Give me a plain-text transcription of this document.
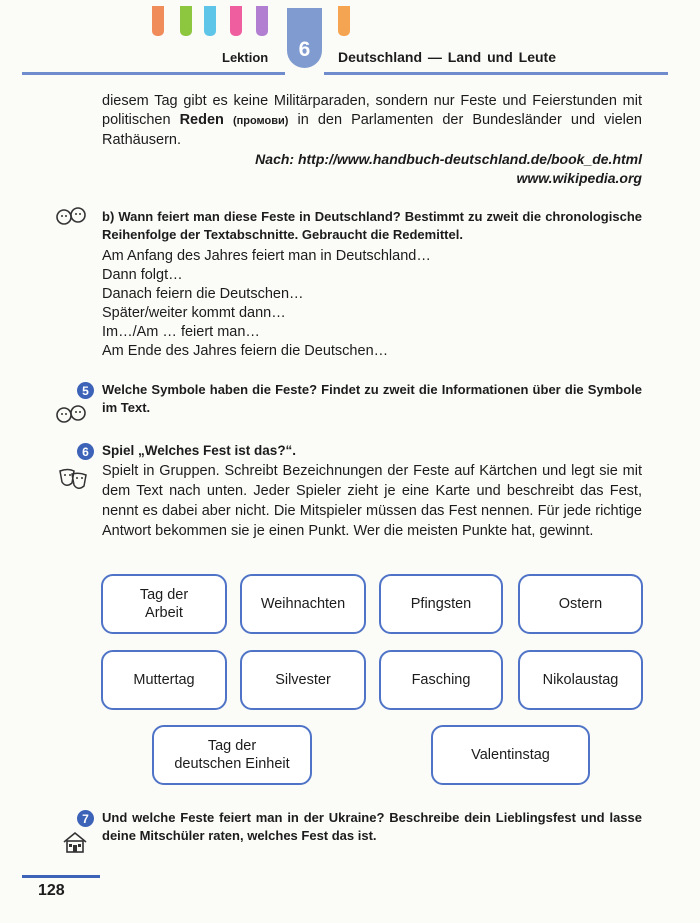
Lektion	6	Deutschland — Land und Leute
diesem Tag gibt es keine Militärparaden, sondern nur Feste und Feierstunden mit politischen Reden (промови) in den Parlamenten der Bundesländer und vielen Rathäusern.
Nach: http://www.handbuch-deutschland.de/book_de.html
www.wikipedia.org
b) Wann feiert man diese Feste in Deutschland? Bestimmt zu zweit die chronologische Reihenfolge der Textabschnitte. Gebraucht die Redemittel.
Am Anfang des Jahres feiert man in Deutschland…
Dann folgt…
Danach feiern die Deutschen…
Später/weiter kommt dann…
Im…/Am … feiert man…
Am Ende des Jahres feiern die Deutschen…
5	Welche Symbole haben die Feste? Findet zu zweit die Informationen über die Symbole im Text.
6 Spiel „Welches Fest ist das?“.
Spielt in Gruppen. Schreibt Bezeichnungen der Feste auf Kärtchen und legt sie mit dem Text nach unten. Jeder Spieler zieht je eine Karte und beschreibt das Fest, nennt es dabei aber nicht. Die Mitspieler müssen das Fest nennen. Für jede richtige Antwort bekommen sie je einen Punkt. Wer die meisten Punkte hat, gewinnt.
Tag der
Arbeit
Weihnachten	Pfingsten	Ostern
Muttertag	Silvester	Fasching	Nikolaustag
Tag der
deutschen Einheit
Valentinstag
7	Und welche Feste feiert man in der Ukraine? Beschreibe dein Lieblingsfest und lasse deine Mitschüler raten, welches Fest das ist.
128
